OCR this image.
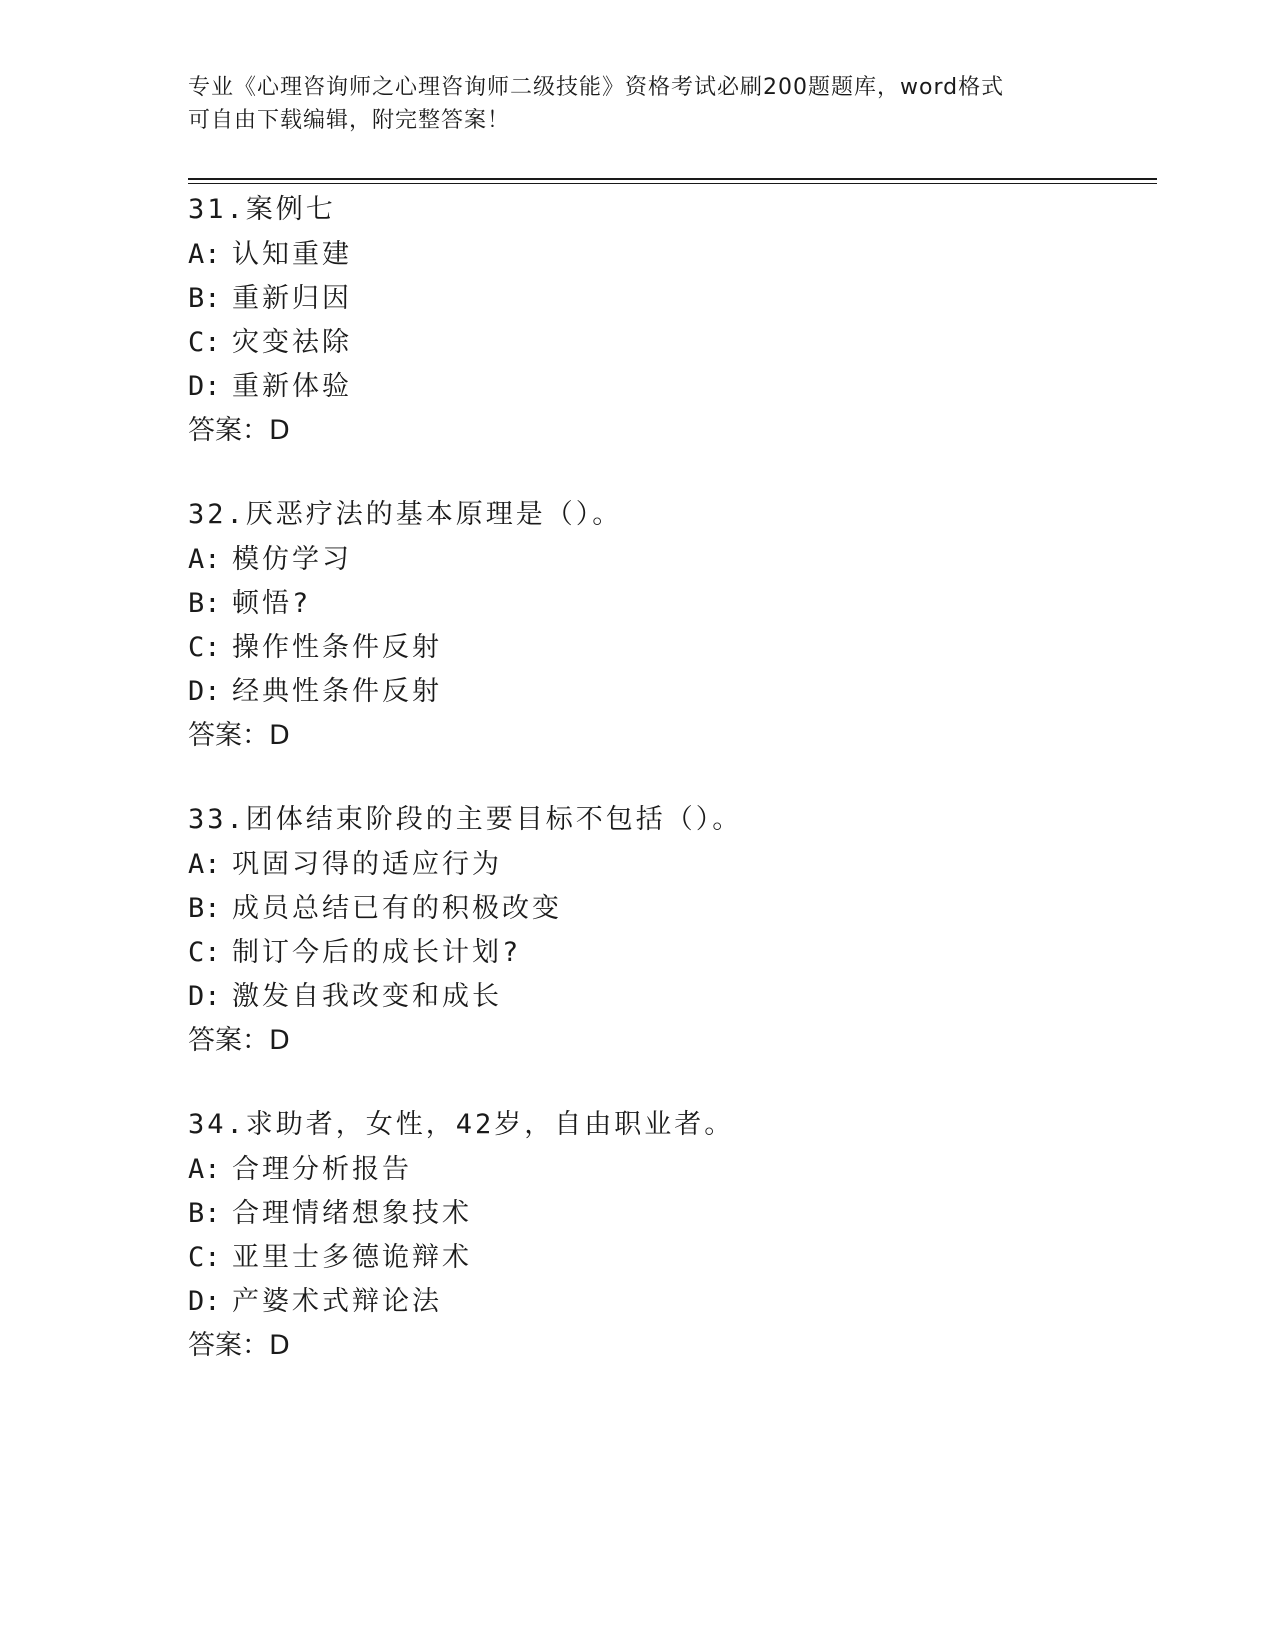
专业《心理咨询师之心理咨询师二级技能》资格考试必刷200题题库，word格式
可自由下载编辑，附完整答案！
31.案例七
A: 认知重建
B: 重新归因
C: 灾变祛除
D: 重新体验
答案：D
32.厌恶疗法的基本原理是（）。
A: 模仿学习
B: 顿悟?
C: 操作性条件反射
D: 经典性条件反射
答案：D
33.团体结束阶段的主要目标不包括（）。
A: 巩固习得的适应行为
B: 成员总结已有的积极改变
C: 制订今后的成长计划?
D: 激发自我改变和成长
答案：D
34.求助者，女性，42岁，自由职业者。
A: 合理分析报告
B: 合理情绪想象技术
C: 亚里士多德诡辩术
D: 产婆术式辩论法
答案：D
